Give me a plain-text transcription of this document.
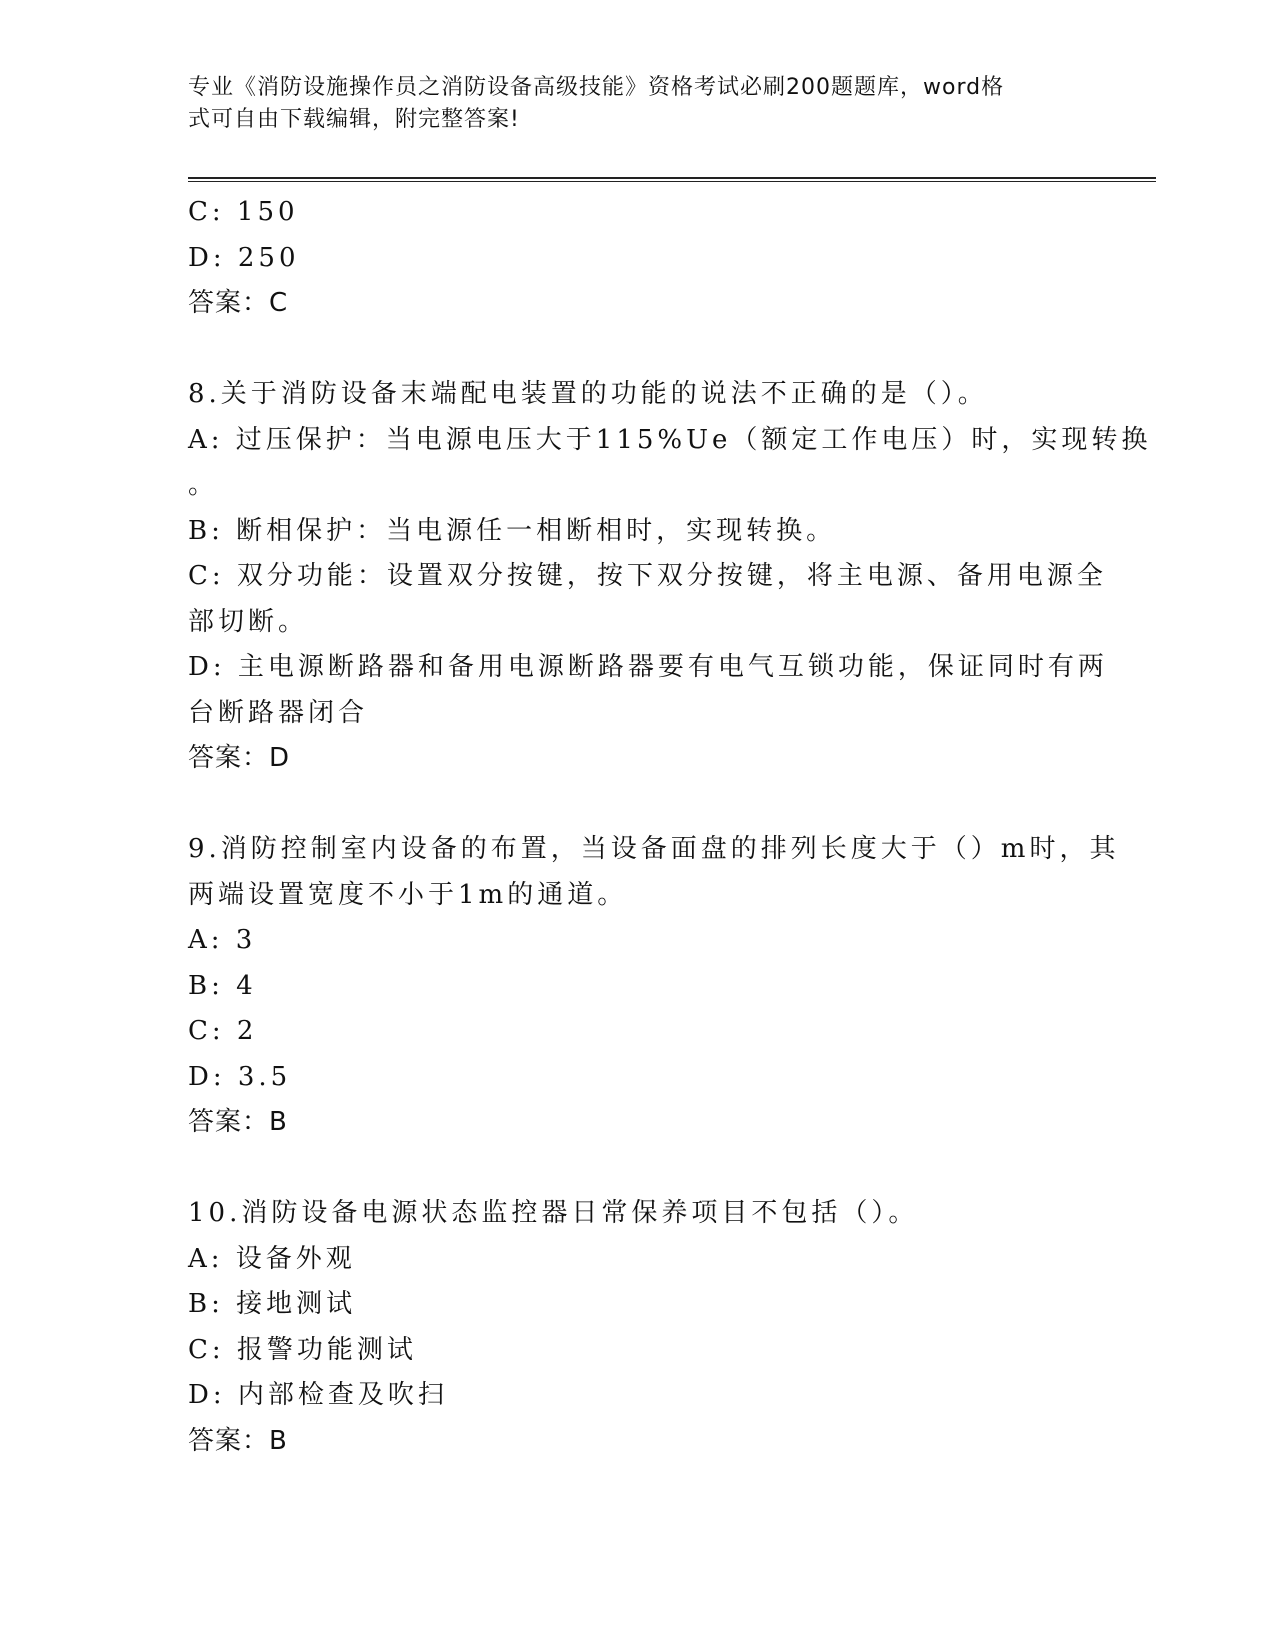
专业《消防设施操作员之消防设备高级技能》资格考试必刷200题题库，word格
式可自由下载编辑，附完整答案!

C: 150

D: 250

答案：C

8.关于消防设备末端配电装置的功能的说法不正确的是（）。

A: 过压保护：当电源电压大于115%Ue（额定工作电压）时，实现转换

。

B: 断相保护：当电源任一相断相时，实现转换。

C: 双分功能：设置双分按键，按下双分按键，将主电源、备用电源全

部切断。

D: 主电源断路器和备用电源断路器要有电气互锁功能，保证同时有两

台断路器闭合

答案：D

9.消防控制室内设备的布置，当设备面盘的排列长度大于（）m时，其

两端设置宽度不小于1m的通道。

A: 3

B: 4

C: 2

D: 3.5

答案：B

10.消防设备电源状态监控器日常保养项目不包括（）。

A: 设备外观

B: 接地测试

C: 报警功能测试

D: 内部检查及吹扫

答案：B
